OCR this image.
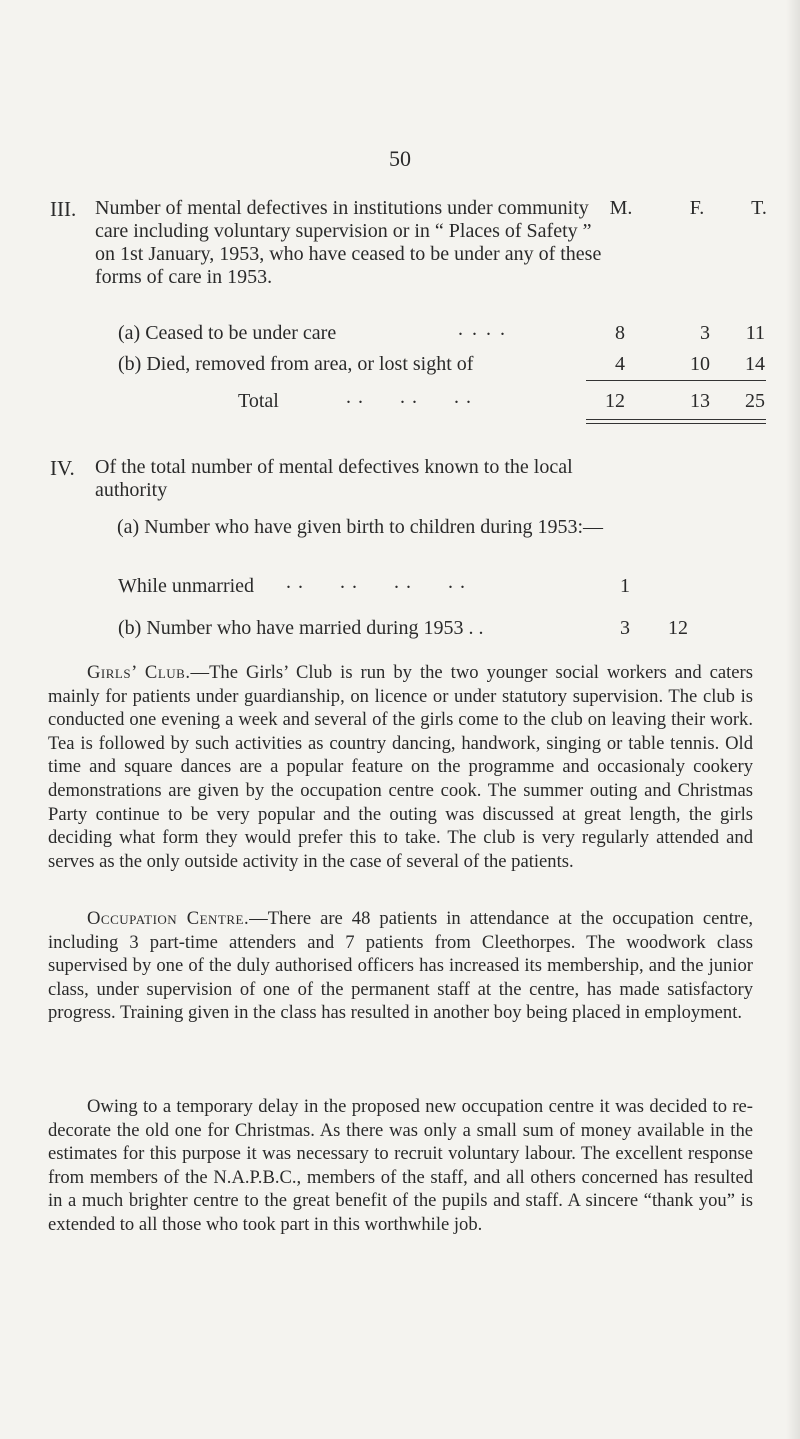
50
III. Number of mental defectives in institutions under community care including voluntary supervision or in “ Places of Safety ” on 1st January, 1953, who have ceased to be under any of these forms of care in 1953.
M.	F.	T.
(a) Ceased to be under care	. . . .	8	3	11
(b) Died, removed from area, or lost sight of	4	10	14
Total	. .      . .      . .	12	13	25
IV. Of the total number of mental defectives known to the local authority
(a) Number who have given birth to children during 1953:—
While unmarried . .      . .      . .      . .	1
(b) Number who have married during 1953 . .	3 12
Girls’ Club.—The Girls’ Club is run by the two younger social workers and caters mainly for patients under guardianship, on licence or under statutory supervision. The club is conducted one evening a week and several of the girls come to the club on leaving their work. Tea is followed by such activities as country dancing, handwork, singing or table tennis. Old time and square dances are a popular feature on the programme and occasionaly cookery demonstrations are given by the occupation centre cook. The summer outing and Christmas Party continue to be very popular and the outing was discussed at great length, the girls deciding what form they would prefer this to take. The club is very regularly attended and serves as the only outside activity in the case of several of the patients.
Occupation Centre.—There are 48 patients in attendance at the occupation centre, including 3 part-time attenders and 7 patients from Cleethorpes. The woodwork class supervised by one of the duly authorised officers has increased its membership, and the junior class, under supervision of one of the permanent staff at the centre, has made satisfactory progress. Training given in the class has resulted in another boy being placed in employment.
Owing to a temporary delay in the proposed new occupation centre it was decided to re-decorate the old one for Christmas. As there was only a small sum of money available in the estimates for this purpose it was necessary to recruit voluntary labour. The excellent response from members of the N.A.P.B.C., members of the staff, and all others concerned has resulted in a much brighter centre to the great benefit of the pupils and staff. A sincere “thank you” is extended to all those who took part in this worthwhile job.
